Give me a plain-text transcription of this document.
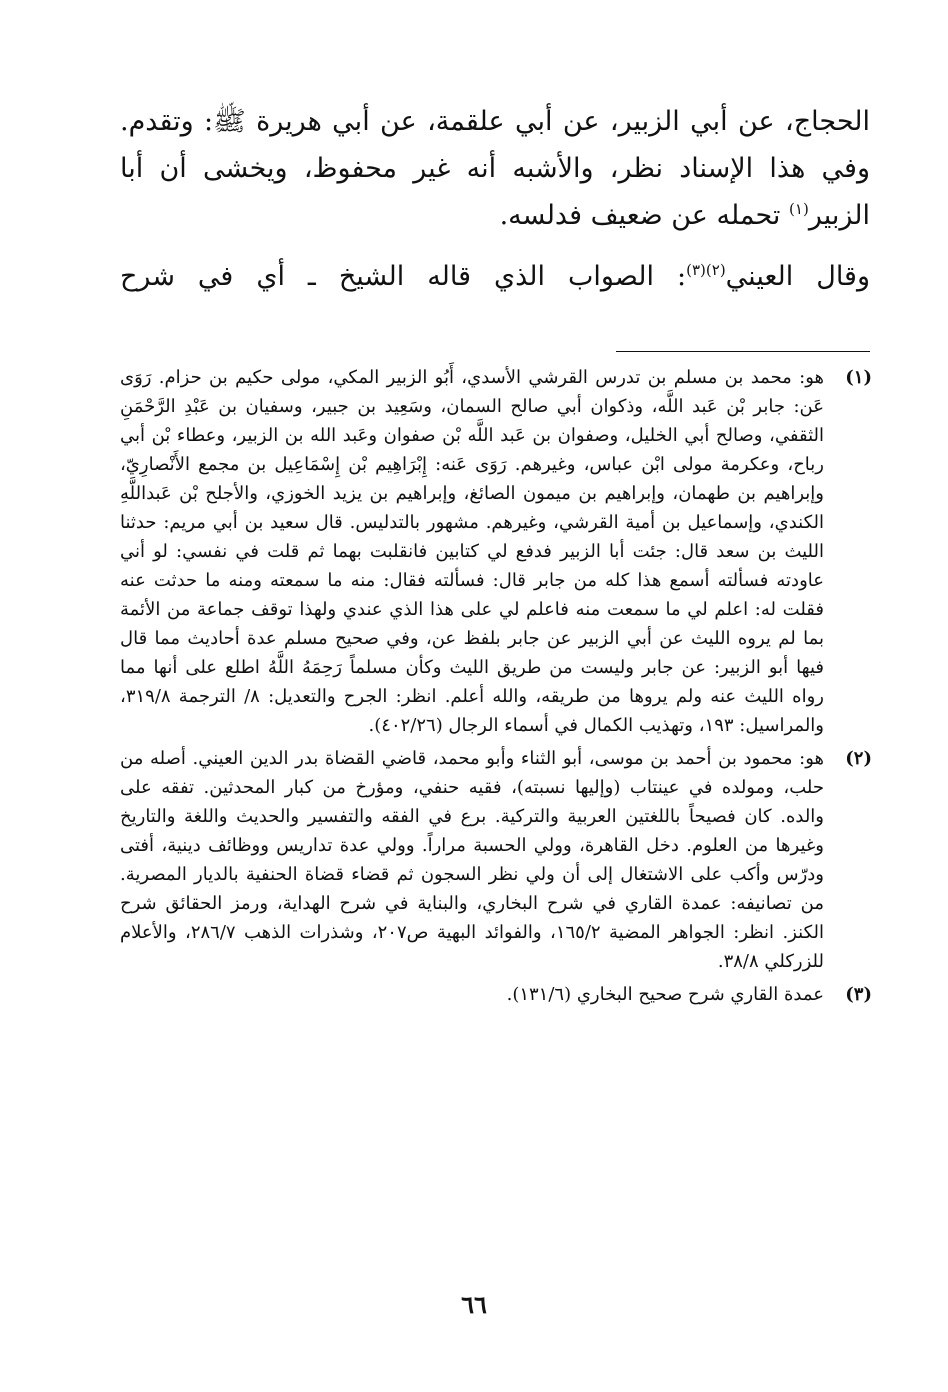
الحجاج، عن أبي الزبير، عن أبي علقمة، عن أبي هريرة ﷺ: وتقدم. وفي هذا الإسناد نظر، والأشبه أنه غير محفوظ، ويخشى أن أبا الزبير$^{(١)}$ تحمله عن ضعيف فدلسه.

وقال العيني$^{(٢)(٣)}$: الصواب الذي قاله الشيخ ـ أي في شرح

(١)
هو: محمد بن مسلم بن تدرس القرشي الأسدي، أَبُو الزبير المكي، مولى حكيم بن حزام. رَوَى عَن: جابر بْن عَبد اللَّه، وذكوان أبي صالح السمان، وسَعِيد بن جبير، وسفيان بن عَبْدِ الرَّحْمَنِ الثقفي، وصالح أبي الخليل، وصفوان بن عَبد اللَّه بْن صفوان وعَبد الله بن الزبير، وعطاء بْن أبي رباح، وعكرمة مولى ابْن عباس، وغيرهم. رَوَى عَنه: إِبْرَاهِيم بْن إِسْمَاعِيل بن مجمع الأَنْصارِيّ، وإبراهيم بن طهمان، وإبراهيم بن ميمون الصائغ، وإبراهيم بن يزيد الخوزي، والأجلح بْن عَبداللَّهِ الكندي، وإسماعيل بن أمية القرشي، وغيرهم. مشهور بالتدليس. قال سعيد بن أبي مريم: حدثنا الليث بن سعد قال: جئت أبا الزبير فدفع لي كتابين فانقلبت بهما ثم قلت في نفسي: لو أني عاودته فسألته أسمع هذا كله من جابر قال: فسألته فقال: منه ما سمعته ومنه ما حدثت عنه فقلت له: اعلم لي ما سمعت منه فاعلم لي على هذا الذي عندي ولهذا توقف جماعة من الأئمة بما لم يروه الليث عن أبي الزبير عن جابر بلفظ عن، وفي صحيح مسلم عدة أحاديث مما قال فيها أبو الزبير: عن جابر وليست من طريق الليث وكأن مسلماً رَحِمَهُ اللَّهُ اطلع على أنها مما رواه الليث عنه ولم يروها من طريقه، والله أعلم. انظر: الجرح والتعديل: ٨/ الترجمة ٣١٩/٨، والمراسيل: ١٩٣، وتهذيب الكمال في أسماء الرجال (٤٠٢/٢٦).
(٢)
هو: محمود بن أحمد بن موسى، أبو الثناء وأبو محمد، قاضي القضاة بدر الدين العيني. أصله من حلب، ومولده في عينتاب (وإليها نسبته)، فقيه حنفي، ومؤرخ من كبار المحدثين. تفقه على والده. كان فصيحاً باللغتين العربية والتركية. برع في الفقه والتفسير والحديث واللغة والتاريخ وغيرها من العلوم. دخل القاهرة، وولي الحسبة مراراً. وولي عدة تداريس ووظائف دينية، أفتى ودرّس وأكب على الاشتغال إلى أن ولي نظر السجون ثم قضاء قضاة الحنفية بالديار المصرية. من تصانيفه: عمدة القاري في شرح البخاري، والبناية في شرح الهداية، ورمز الحقائق شرح الكنز. انظر: الجواهر المضية ١٦٥/٢، والفوائد البهية ص٢٠٧، وشذرات الذهب ٢٨٦/٧، والأعلام للزركلي ٣٨/٨.
(٣)
عمدة القاري شرح صحيح البخاري (١٣١/٦).
٦٦
